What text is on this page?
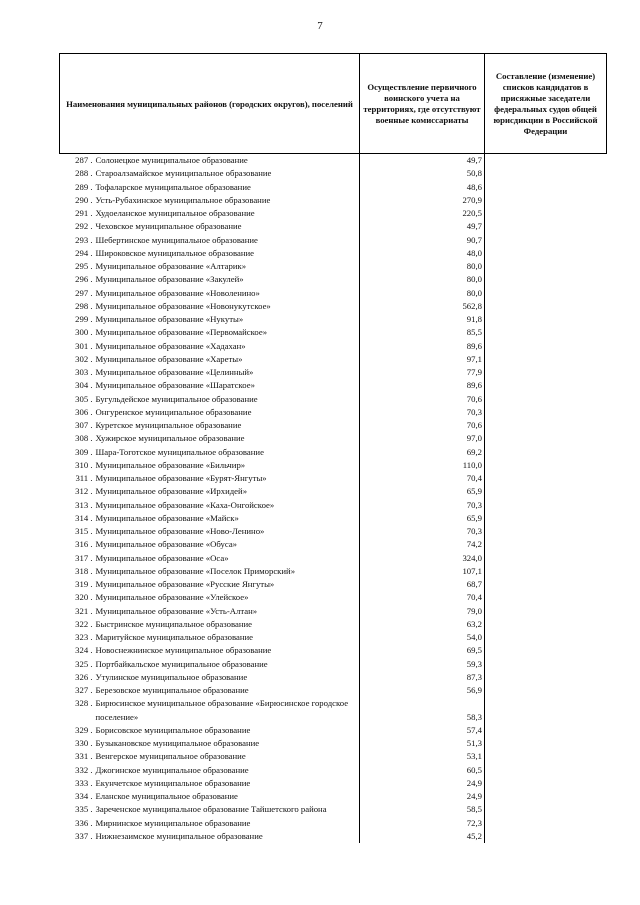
7
Наименования муниципальных районов (городских округов), поселений	Осуществление первичного воинского учета на территориях, где отсутствуют военные комиссариаты	Составление (изменение) списков кандидатов в присяжные заседатели федеральных судов общей юрисдикции в Российской Федерации
287 . Солонецкое муниципальное образование	49,7	
288 . Староалзамайское муниципальное образование	50,8	
289 . Тофаларское муниципальное образование	48,6	
290 . Усть-Рубахинское муниципальное образование	270,9	
291 . Худоеланское муниципальное образование	220,5	
292 . Чеховское муниципальное образование	49,7	
293 . Шебертинское муниципальное образование	90,7	
294 . Широковское муниципальное образование	48,0	
295 . Муниципальное образование «Алтарик»	80,0	
296 . Муниципальное образование «Закулей»	80,0	
297 . Муниципальное образование «Новоленино»	80,0	
298 . Муниципальное образование «Новонукутское»	562,8	
299 . Муниципальное образование «Нукуты»	91,8	
300 . Муниципальное образование «Первомайское»	85,5	
301 . Муниципальное образование «Хадахан»	89,6	
302 . Муниципальное образование «Хареты»	97,1	
303 . Муниципальное образование «Целинный»	77,9	
304 . Муниципальное образование «Шаратское»	89,6	
305 . Бугульдейское муниципальное образование	70,6	
306 . Онгуренское муниципальное образование	70,3	
307 . Куретское муниципальное образование	70,6	
308 . Хужирское муниципальное образование	97,0	
309 . Шара-Тоготское муниципальное образование	69,2	
310 . Муниципальное образование «Бильчир»	110,0	
311 . Муниципальное образование «Бурят-Янгуты»	70,4	
312 . Муниципальное образование «Ирхидей»	65,9	
313 . Муниципальное образование «Каха-Онгойское»	70,3	
314 . Муниципальное образование «Майск»	65,9	
315 . Муниципальное образование «Ново-Ленино»	70,3	
316 . Муниципальное образование «Обуса»	74,2	
317 . Муниципальное образование «Оса»	324,0	
318 . Муниципальное образование «Поселок Приморский»	107,1	
319 . Муниципальное образование «Русские Янгуты»	68,7	
320 . Муниципальное образование «Улейское»	70,4	
321 . Муниципальное образование «Усть-Алтан»	79,0	
322 . Быстринское муниципальное образование	63,2	
323 . Маритуйское муниципальное образование	54,0	
324 . Новоснежнинское муниципальное образование	69,5	
325 . Портбайкальское муниципальное образование	59,3	
326 . Утулинское муниципальное образование	87,3	
327 . Березовское муниципальное образование	56,9	
328 . Бирюсинское муниципальное образование «Бирюсинское городское поселение»	58,3	
329 . Борисовское муниципальное образование	57,4	
330 . Бузыкановское муниципальное образование	51,3	
331 . Венгерское муниципальное образование	53,1	
332 . Джогинское муниципальное образование	60,5	
333 . Екунчетское муниципальное образование	24,9	
334 . Еланское муниципальное образование	24,9	
335 . Зареченское муниципальное образование Тайшетского района	58,5	
336 . Мирнинское муниципальное образование	72,3	
337 . Нижнезаимское муниципальное образование	45,2	
